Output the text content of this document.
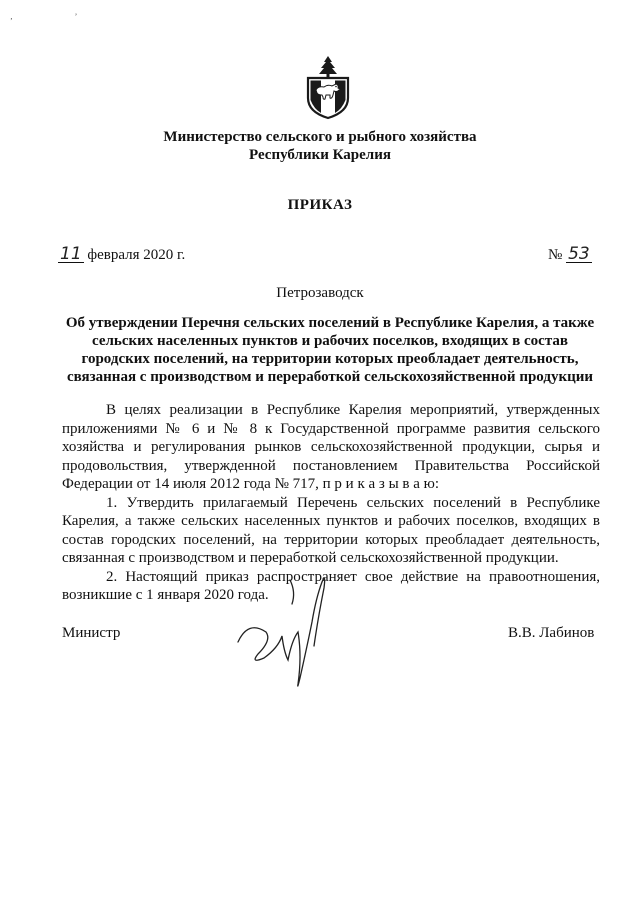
‚ ’
Министерство сельского и рыбного хозяйства
Республики Карелия
ПРИКАЗ
11 февраля 2020 г.	№ 53
Петрозаводск
Об утверждении Перечня сельских поселений в Республике Карелия, а также
сельских населенных пунктов и рабочих поселков, входящих в состав
городских поселений, на территории которых преобладает деятельность,
связанная с производством и переработкой сельскохозяйственной продукции

В целях реализации в Республике Карелия мероприятий, утвержденных приложениями № 6 и № 8 к Государственной программе развития сельского хозяйства и регулирования рынков сельскохозяйственной продукции, сырья и продовольствия, утвержденной постановлением Правительства Российской Федерации от 14 июля 2012 года № 717, п р и к а з ы в а ю:

1. Утвердить прилагаемый Перечень сельских поселений в Республике Карелия, а также сельских населенных пунктов и рабочих поселков, входящих в состав городских поселений, на территории которых преобладает деятельность, связанная с производством и переработкой сельскохозяйственной продукции.

2. Настоящий приказ распространяет свое действие на правоотношения, возникшие с 1 января 2020 года.

Министр	В.В. Лабинов
